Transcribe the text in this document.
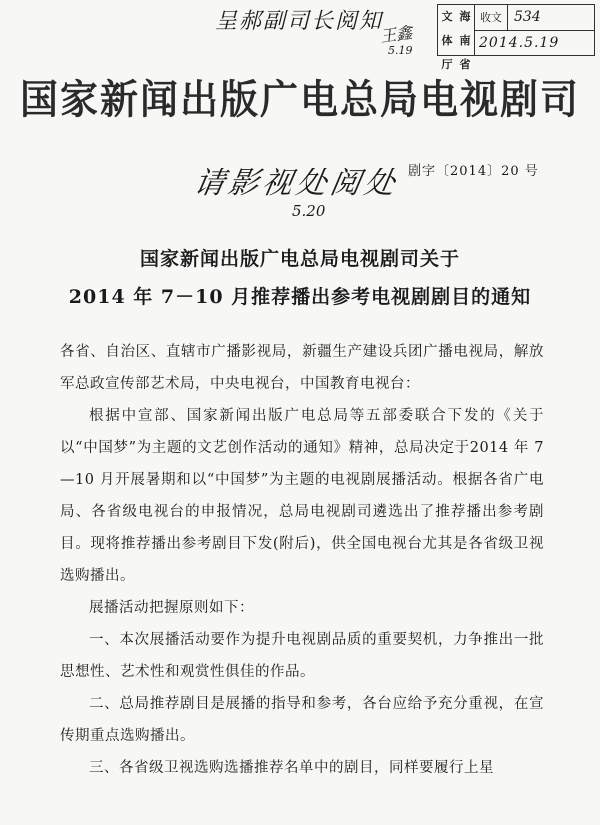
呈郝副司长阅知
王鑫
5.19
文 海
体 南
厅 省
收文 534
2014.5.19
国家新闻出版广电总局电视剧司
请影视处阅处
5.20
剧字〔2014〕20 号
国家新闻出版广电总局电视剧司关于
2014 年 7－10 月推荐播出参考电视剧剧目的通知

各省、自治区、直辖市广播影视局，新疆生产建设兵团广播电视局，解放军总政宣传部艺术局，中央电视台，中国教育电视台：

根据中宣部、国家新闻出版广电总局等五部委联合下发的《关于以“中国梦”为主题的文艺创作活动的通知》精神，总局决定于2014 年 7—10 月开展暑期和以“中国梦”为主题的电视剧展播活动。根据各省广电局、各省级电视台的申报情况，总局电视剧司遴选出了推荐播出参考剧目。现将推荐播出参考剧目下发(附后)，供全国电视台尤其是各省级卫视选购播出。

展播活动把握原则如下：

一、本次展播活动要作为提升电视剧品质的重要契机，力争推出一批思想性、艺术性和观赏性俱佳的作品。

二、总局推荐剧目是展播的指导和参考，各台应给予充分重视，在宣传期重点选购播出。

三、各省级卫视选购选播推荐名单中的剧目，同样要履行上星
